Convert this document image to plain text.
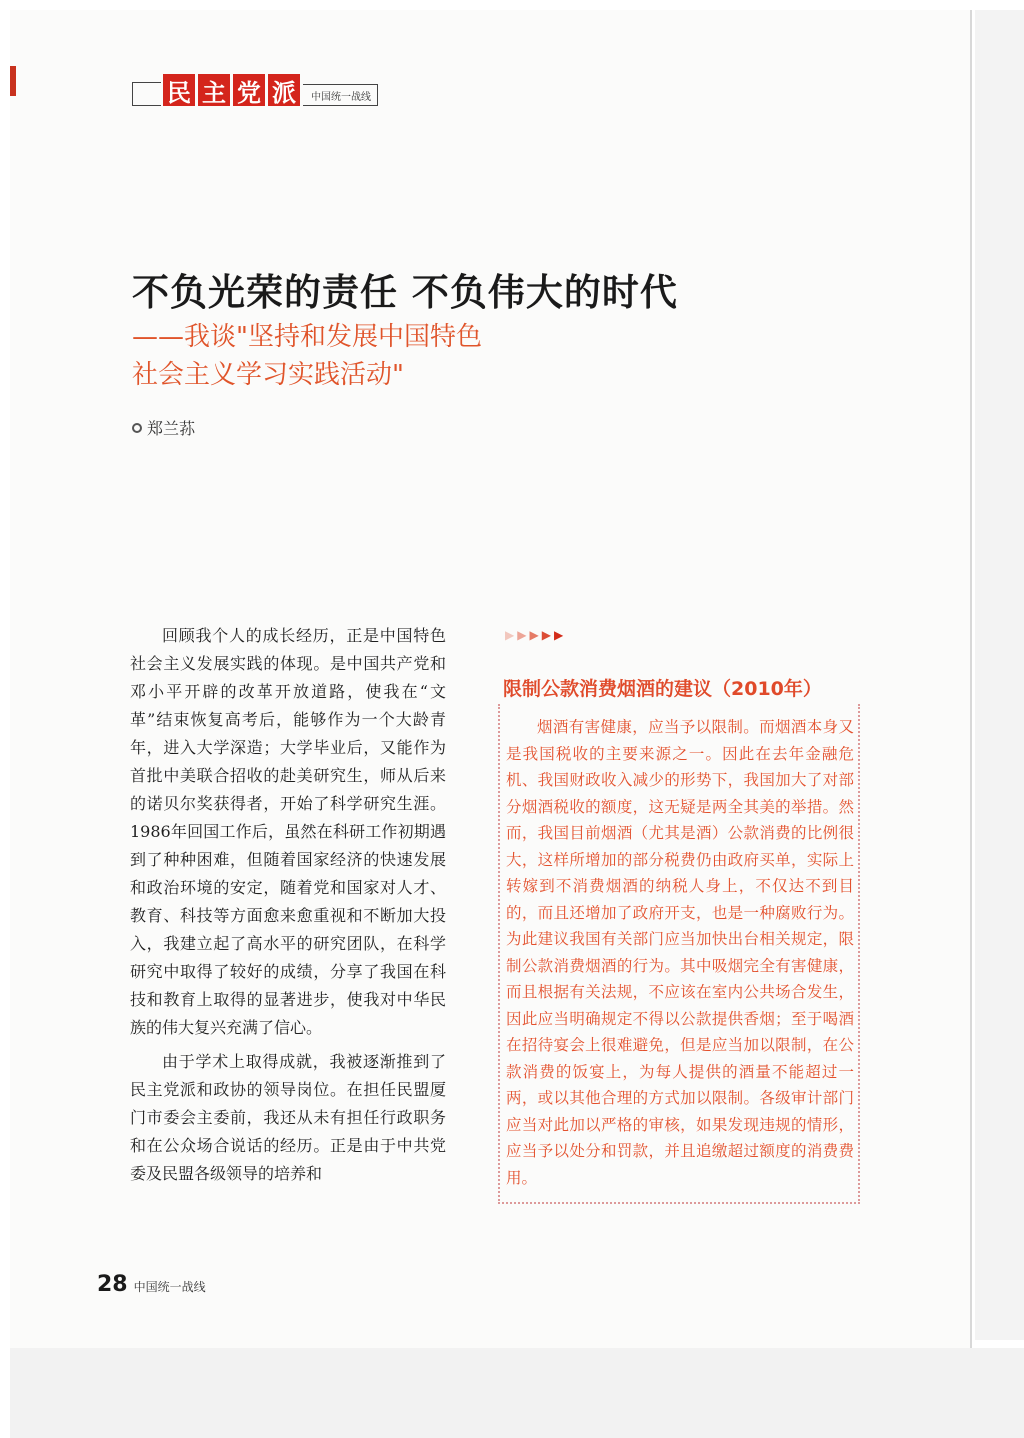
民 主 党 派	中国统一战线
不负光荣的责任 不负伟大的时代
——我谈"坚持和发展中国特色
社会主义学习实践活动"
郑兰荪

回顾我个人的成长经历，正是中国特色社会主义发展实践的体现。是中国共产党和邓小平开辟的改革开放道路，使我在“文革”结束恢复高考后，能够作为一个大龄青年，进入大学深造；大学毕业后，又能作为首批中美联合招收的赴美研究生，师从后来的诺贝尔奖获得者，开始了科学研究生涯。1986年回国工作后，虽然在科研工作初期遇到了种种困难，但随着国家经济的快速发展和政治环境的安定，随着党和国家对人才、教育、科技等方面愈来愈重视和不断加大投入，我建立起了高水平的研究团队，在科学研究中取得了较好的成绩，分享了我国在科技和教育上取得的显著进步，使我对中华民族的伟大复兴充满了信心。

由于学术上取得成就，我被逐渐推到了民主党派和政协的领导岗位。在担任民盟厦门市委会主委前，我还从未有担任行政职务和在公众场合说话的经历。正是由于中共党委及民盟各级领导的培养和

▶ ▶ ▶ ▶ ▶
限制公款消费烟酒的建议（2010年）

烟酒有害健康，应当予以限制。而烟酒本身又是我国税收的主要来源之一。因此在去年金融危机、我国财政收入减少的形势下，我国加大了对部分烟酒税收的额度，这无疑是两全其美的举措。然而，我国目前烟酒（尤其是酒）公款消费的比例很大，这样所增加的部分税费仍由政府买单，实际上转嫁到不消费烟酒的纳税人身上，不仅达不到目的，而且还增加了政府开支，也是一种腐败行为。为此建议我国有关部门应当加快出台相关规定，限制公款消费烟酒的行为。其中吸烟完全有害健康，而且根据有关法规，不应该在室内公共场合发生，因此应当明确规定不得以公款提供香烟；至于喝酒在招待宴会上很难避免，但是应当加以限制，在公款消费的饭宴上，为每人提供的酒量不能超过一两，或以其他合理的方式加以限制。各级审计部门应当对此加以严格的审核，如果发现违规的情形，应当予以处分和罚款，并且追缴超过额度的消费费用。

28 中国统一战线
